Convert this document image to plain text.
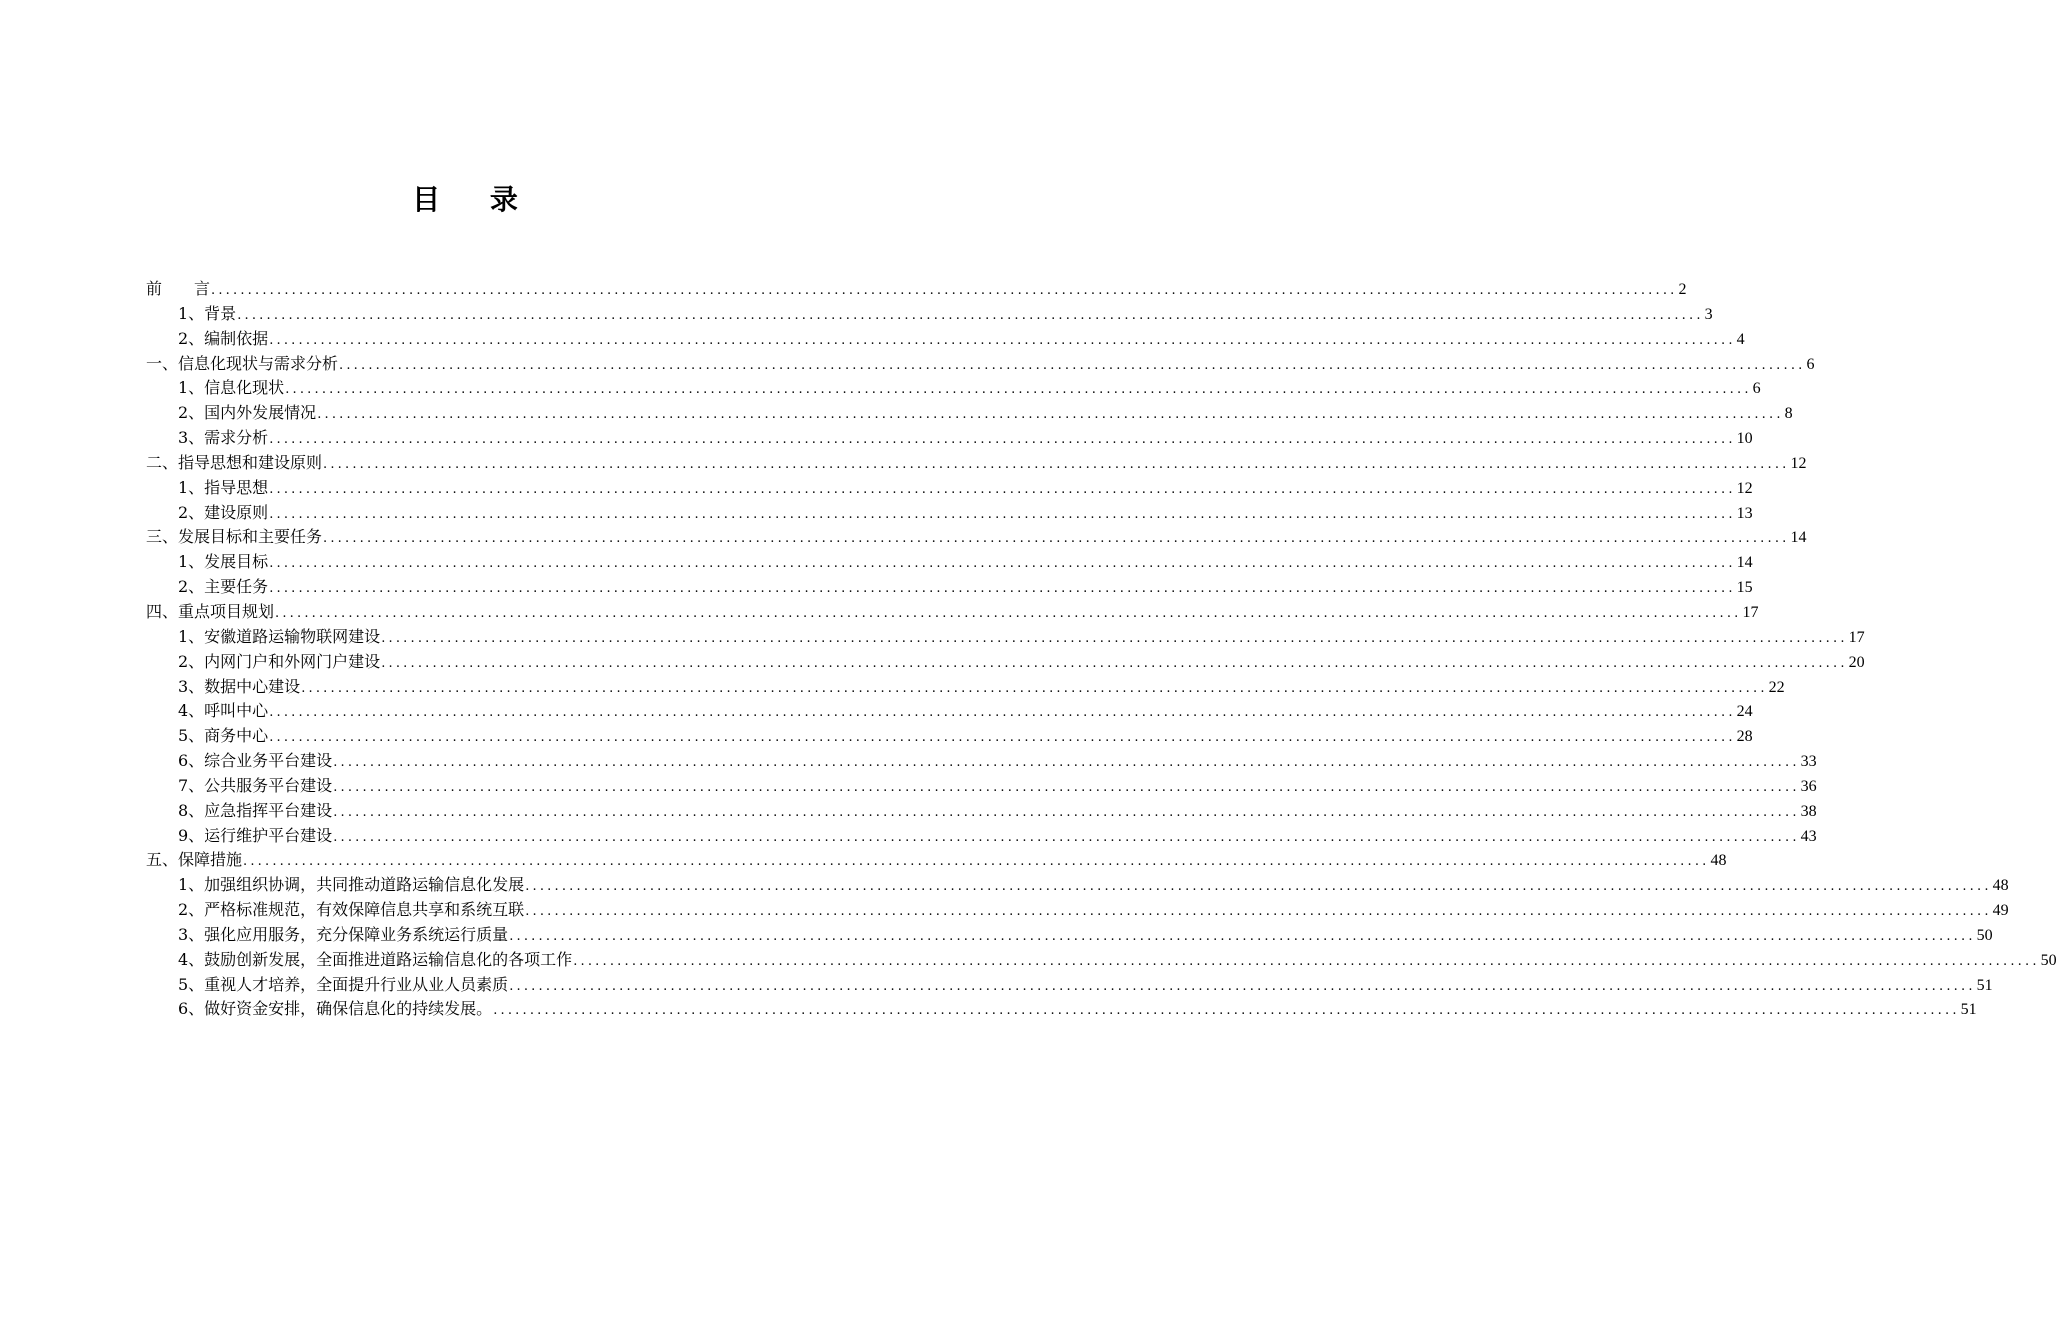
目 录
前　　言 ........................................................................................................................................................................................................ 2
1、背景 ........................................................................................................................................................................................................ 3
2、编制依据 ........................................................................................................................................................................................................ 4
一、信息化现状与需求分析 ........................................................................................................................................................................................................ 6
1、信息化现状 ........................................................................................................................................................................................................ 6
2、国内外发展情况 ........................................................................................................................................................................................................ 8
3、需求分析 ........................................................................................................................................................................................................ 10
二、指导思想和建设原则 ........................................................................................................................................................................................................ 12
1、指导思想 ........................................................................................................................................................................................................ 12
2、建设原则 ........................................................................................................................................................................................................ 13
三、发展目标和主要任务 ........................................................................................................................................................................................................ 14
1、发展目标 ........................................................................................................................................................................................................ 14
2、主要任务 ........................................................................................................................................................................................................ 15
四、重点项目规划 ........................................................................................................................................................................................................ 17
1、安徽道路运输物联网建设 ........................................................................................................................................................................................................ 17
2、内网门户和外网门户建设 ........................................................................................................................................................................................................ 20
3、数据中心建设 ........................................................................................................................................................................................................ 22
4、呼叫中心 ........................................................................................................................................................................................................ 24
5、商务中心 ........................................................................................................................................................................................................ 28
6、综合业务平台建设 ........................................................................................................................................................................................................ 33
7、公共服务平台建设 ........................................................................................................................................................................................................ 36
8、应急指挥平台建设 ........................................................................................................................................................................................................ 38
9、运行维护平台建设 ........................................................................................................................................................................................................ 43
五、保障措施 ........................................................................................................................................................................................................ 48
1、加强组织协调，共同推动道路运输信息化发展 ........................................................................................................................................................................................................ 48
2、严格标准规范，有效保障信息共享和系统互联 ........................................................................................................................................................................................................ 49
3、强化应用服务，充分保障业务系统运行质量 ........................................................................................................................................................................................................ 50
4、鼓励创新发展，全面推进道路运输信息化的各项工作 ........................................................................................................................................................................................................ 50
5、重视人才培养，全面提升行业从业人员素质 ........................................................................................................................................................................................................ 51
6、做好资金安排，确保信息化的持续发展。 ........................................................................................................................................................................................................ 51
